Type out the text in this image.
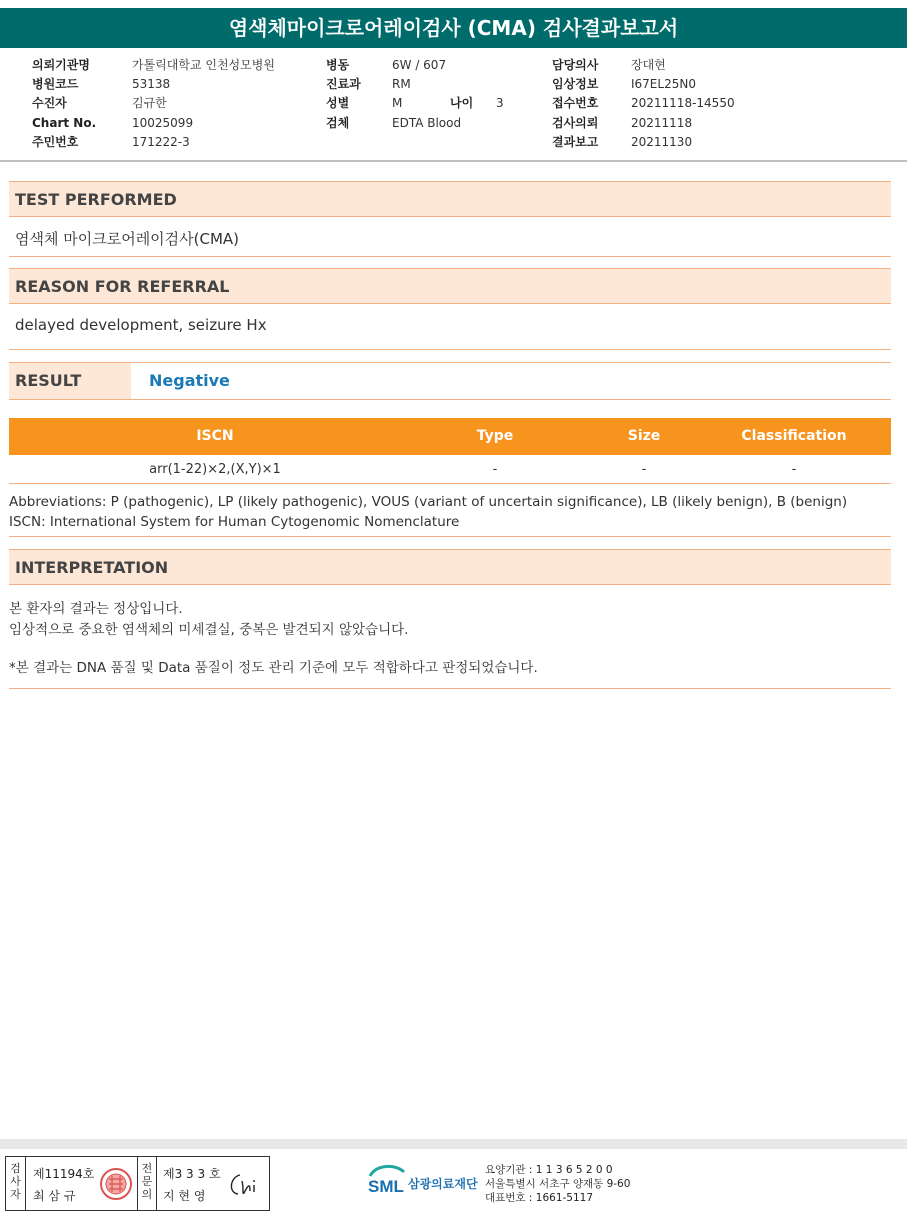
염색체마이크로어레이검사 (CMA) 검사결과보고서
의뢰기관명	가톨릭대학교 인천성모병원
병원코드	53138
수진자	김규한
Chart No.	10025099
주민번호	171222-3
병동	6W / 607
진료과	RM
성별	M	나이 3
검체	EDTA Blood
담당의사	장대현
임상정보	I67EL25N0
접수번호	20211118-14550
검사의뢰	20211118
결과보고	20211130
TEST PERFORMED
염색체 마이크로어레이검사(CMA)
REASON FOR REFERRAL
delayed development, seizure Hx
RESULT	Negative
ISCN	Type	Size	Classification
arr(1-22)×2,(X,Y)×1	-	-	-
Abbreviations: P (pathogenic), LP (likely pathogenic), VOUS (variant of uncertain significance), LB (likely benign), B (benign)
ISCN: International System for Human Cytogenomic Nomenclature
INTERPRETATION
본 환자의 결과는 정상입니다.
임상적으로 중요한 염색체의 미세결실, 중복은 발견되지 않았습니다.
*본 결과는 DNA 품질 및 Data 품질이 정도 관리 기준에 모두 적합하다고 판정되었습니다.
검사자
제11194호
최 삼 규
전문의
제3 3 3 호
지 현 영	SML 삼광의료재단
요양기관 : 1 1 3 6 5 2 0 0
서울특별시 서초구 양재동 9-60
대표번호 : 1661-5117
